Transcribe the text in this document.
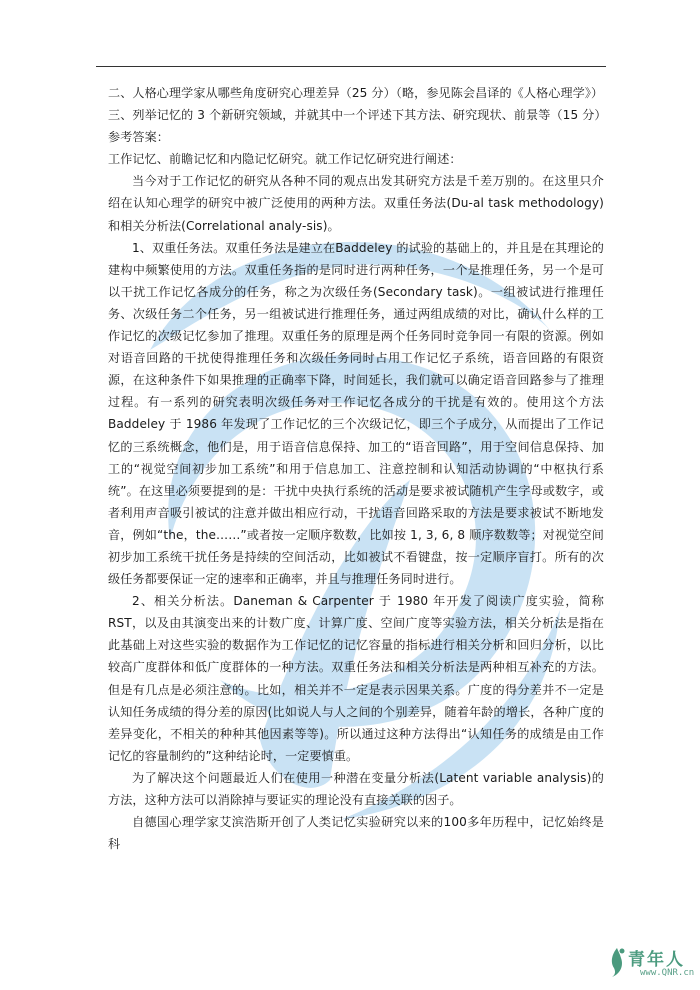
二、人格心理学家从哪些角度研究心理差异（25 分）（略，参见陈会昌译的《人格心理学》）

三、列举记忆的 3 个新研究领域，并就其中一个评述下其方法、研究现状、前景等（15 分）

参考答案：

工作记忆、前瞻记忆和内隐记忆研究。就工作记忆研究进行阐述：

当今对于工作记忆的研究从各种不同的观点出发其研究方法是千差万别的。在这里只介绍在认知心理学的研究中被广泛使用的两种方法。双重任务法(Du-al task methodology)和相关分析法(Correlational analy-sis)。

1、双重任务法。双重任务法是建立在Baddeley 的试验的基础上的，并且是在其理论的建构中频繁使用的方法。双重任务指的是同时进行两种任务，一个是推理任务，另一个是可以干扰工作记忆各成分的任务，称之为次级任务(Secondary task)。一组被试进行推理任务、次级任务二个任务，另一组被试进行推理任务，通过两组成绩的对比，确认什么样的工作记忆的次级记忆参加了推理。双重任务的原理是两个任务同时竞争同一有限的资源。例如对语音回路的干扰使得推理任务和次级任务同时占用工作记忆子系统，语音回路的有限资源，在这种条件下如果推理的正确率下降，时间延长，我们就可以确定语音回路参与了推理过程。有一系列的研究表明次级任务对工作记忆各成分的干扰是有效的。使用这个方法 Baddeley 于 1986 年发现了工作记忆的三个次级记忆，即三个子成分，从而提出了工作记忆的三系统概念，他们是，用于语音信息保持、加工的“语音回路”，用于空间信息保持、加工的“视觉空间初步加工系统”和用于信息加工、注意控制和认知活动协调的“中枢执行系统”。在这里必须要提到的是：干扰中央执行系统的活动是要求被试随机产生字母或数字，或者利用声音吸引被试的注意并做出相应行动，干扰语音回路采取的方法是要求被试不断地发音，例如“the，the……”或者按一定顺序数数，比如按 1, 3, 6, 8 顺序数数等；对视觉空间初步加工系统干扰任务是持续的空间活动，比如被试不看键盘，按一定顺序盲打。所有的次级任务都要保证一定的速率和正确率，并且与推理任务同时进行。

2、相关分析法。Daneman & Carpenter 于 1980 年开发了阅读广度实验，简称RST，以及由其演变出来的计数广度、计算广度、空间广度等实验方法，相关分析法是指在此基础上对这些实验的数据作为工作记忆的记忆容量的指标进行相关分析和回归分析，以比较高广度群体和低广度群体的一种方法。双重任务法和相关分析法是两种相互补充的方法。但是有几点是必须注意的。比如，相关并不一定是表示因果关系。广度的得分差并不一定是认知任务成绩的得分差的原因(比如说人与人之间的个别差异，随着年龄的增长，各种广度的差异变化，不相关的种种其他因素等等)。所以通过这种方法得出“认知任务的成绩是由工作记忆的容量制约的”这种结论时，一定要慎重。

为了解决这个问题最近人们在使用一种潜在变量分析法(Latent variable analysis)的方法，这种方法可以消除掉与要证实的理论没有直接关联的因子。

自德国心理学家艾滨浩斯开创了人类记忆实验研究以来的100多年历程中，记忆始终是科

青年人
www.QNR.cn
